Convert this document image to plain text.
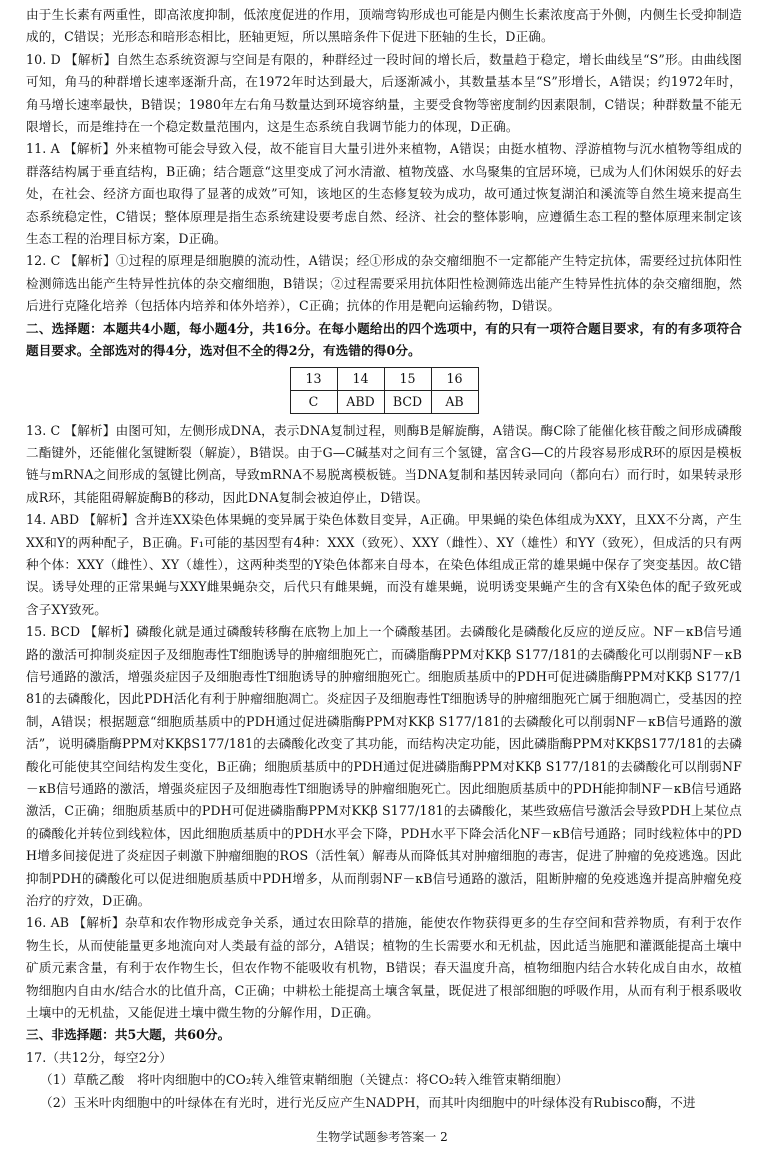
由于生长素有两重性，即高浓度抑制，低浓度促进的作用，顶端弯钩形成也可能是内侧生长素浓度高于外侧，内侧生长受抑制造成的，C错误；光形态和暗形态相比，胚轴更短，所以黑暗条件下促进下胚轴的生长，D正确。

10. D 【解析】自然生态系统资源与空间是有限的，种群经过一段时间的增长后，数量趋于稳定，增长曲线呈“S”形。由曲线图可知，角马的种群增长速率逐渐升高，在1972年时达到最大，后逐渐减小，其数量基本呈“S”形增长，A错误；约1972年时，角马增长速率最快，B错误；1980年左右角马数量达到环境容纳量，主要受食物等密度制约因素限制，C错误；种群数量不能无限增长，而是维持在一个稳定数量范围内，这是生态系统自我调节能力的体现，D正确。

11. A 【解析】外来植物可能会导致入侵，故不能盲目大量引进外来植物，A错误；由挺水植物、浮游植物与沉水植物等组成的群落结构属于垂直结构，B正确；结合题意“这里变成了河水清澈、植物茂盛、水鸟聚集的宜居环境，已成为人们休闲娱乐的好去处，在社会、经济方面也取得了显著的成效”可知，该地区的生态修复较为成功，故可通过恢复湖泊和溪流等自然生境来提高生态系统稳定性，C错误；整体原理是指生态系统建设要考虑自然、经济、社会的整体影响，应遵循生态工程的整体原理来制定该生态工程的治理目标方案，D正确。

12. C 【解析】①过程的原理是细胞膜的流动性，A错误；经①形成的杂交瘤细胞不一定都能产生特定抗体，需要经过抗体阳性检测筛选出能产生特异性抗体的杂交瘤细胞，B错误；②过程需要采用抗体阳性检测筛选出能产生特异性抗体的杂交瘤细胞，然后进行克隆化培养（包括体内培养和体外培养），C正确；抗体的作用是靶向运输药物，D错误。

二、选择题：本题共4小题，每小题4分，共16分。在每小题给出的四个选项中，有的只有一项符合题目要求，有的有多项符合题目要求。全部选对的得4分，选对但不全的得2分，有选错的得0分。

13	14	15	16
C	ABD	BCD	AB

13. C 【解析】由图可知，左侧形成DNA，表示DNA复制过程，则酶B是解旋酶，A错误。酶C除了能催化核苷酸之间形成磷酸二酯键外，还能催化氢键断裂（解旋），B错误。由于G—C碱基对之间有三个氢键，富含G—C的片段容易形成R环的原因是模板链与mRNA之间形成的氢键比例高，导致mRNA不易脱离模板链。当DNA复制和基因转录同向（都向右）而行时，如果转录形成R环，其能阻碍解旋酶B的移动，因此DNA复制会被迫停止，D错误。

14. ABD 【解析】含并连XX染色体果蝇的变异属于染色体数目变异，A正确。甲果蝇的染色体组成为XXY，且XX不分离，产生XX和Y的两种配子，B正确。F₁可能的基因型有4种：XXX（致死）、XXY（雌性）、XY（雄性）和YY（致死），但成活的只有两种个体：XXY（雌性）、XY（雄性），这两种类型的Y染色体都来自母本，在染色体组成正常的雄果蝇中保存了突变基因。故C错误。诱导处理的正常果蝇与XXY雌果蝇杂交，后代只有雌果蝇，而没有雄果蝇，说明诱变果蝇产生的含有X染色体的配子致死或含子XY致死。

15. BCD 【解析】磷酸化就是通过磷酸转移酶在底物上加上一个磷酸基团。去磷酸化是磷酸化反应的逆反应。NF－κB信号通路的激活可抑制炎症因子及细胞毒性T细胞诱导的肿瘤细胞死亡，而磷脂酶PPM对KKβ S177/181的去磷酸化可以削弱NF－κB信号通路的激活，增强炎症因子及细胞毒性T细胞诱导的肿瘤细胞死亡。细胞质基质中的PDH可促进磷脂酶PPM对KKβ S177/181的去磷酸化，因此PDH活化有利于肿瘤细胞凋亡。炎症因子及细胞毒性T细胞诱导的肿瘤细胞死亡属于细胞凋亡，受基因的控制，A错误；根据题意“细胞质基质中的PDH通过促进磷脂酶PPM对KKβ S177/181的去磷酸化可以削弱NF－κB信号通路的激活”，说明磷脂酶PPM对KKβS177/181的去磷酸化改变了其功能，而结构决定功能，因此磷脂酶PPM对KKβS177/181的去磷酸化可能使其空间结构发生变化，B正确；细胞质基质中的PDH通过促进磷脂酶PPM对KKβ S177/181的去磷酸化可以削弱NF－κB信号通路的激活，增强炎症因子及细胞毒性T细胞诱导的肿瘤细胞死亡。因此细胞质基质中的PDH能抑制NF－κB信号通路激活，C正确；细胞质基质中的PDH可促进磷脂酶PPM对KKβ S177/181的去磷酸化，某些致癌信号激活会导致PDH上某位点的磷酸化并转位到线粒体，因此细胞质基质中的PDH水平会下降，PDH水平下降会活化NF－κB信号通路；同时线粒体中的PDH增多间接促进了炎症因子刺激下肿瘤细胞的ROS（活性氧）解毒从而降低其对肿瘤细胞的毒害，促进了肿瘤的免疫逃逸。因此抑制PDH的磷酸化可以促进细胞质基质中PDH增多，从而削弱NF－κB信号通路的激活，阻断肿瘤的免疫逃逸并提高肿瘤免疫治疗的疗效，D正确。

16. AB 【解析】杂草和农作物形成竞争关系，通过农田除草的措施，能使农作物获得更多的生存空间和营养物质，有利于农作物生长，从而使能量更多地流向对人类最有益的部分，A错误；植物的生长需要水和无机盐，因此适当施肥和灌溉能提高土壤中矿质元素含量，有利于农作物生长，但农作物不能吸收有机物，B错误；春天温度升高，植物细胞内结合水转化成自由水，故植物细胞内自由水/结合水的比值升高，C正确；中耕松土能提高土壤含氧量，既促进了根部细胞的呼吸作用，从而有利于根系吸收土壤中的无机盐，又能促进土壤中微生物的分解作用，D正确。

三、非选择题：共5大题，共60分。

17.（共12分，每空2分）

（1）草酰乙酸　将叶肉细胞中的CO₂转入维管束鞘细胞（关键点：将CO₂转入维管束鞘细胞）

（2）玉米叶肉细胞中的叶绿体在有光时，进行光反应产生NADPH，而其叶肉细胞中的叶绿体没有Rubisco酶，不进

生物学试题参考答案一 2
